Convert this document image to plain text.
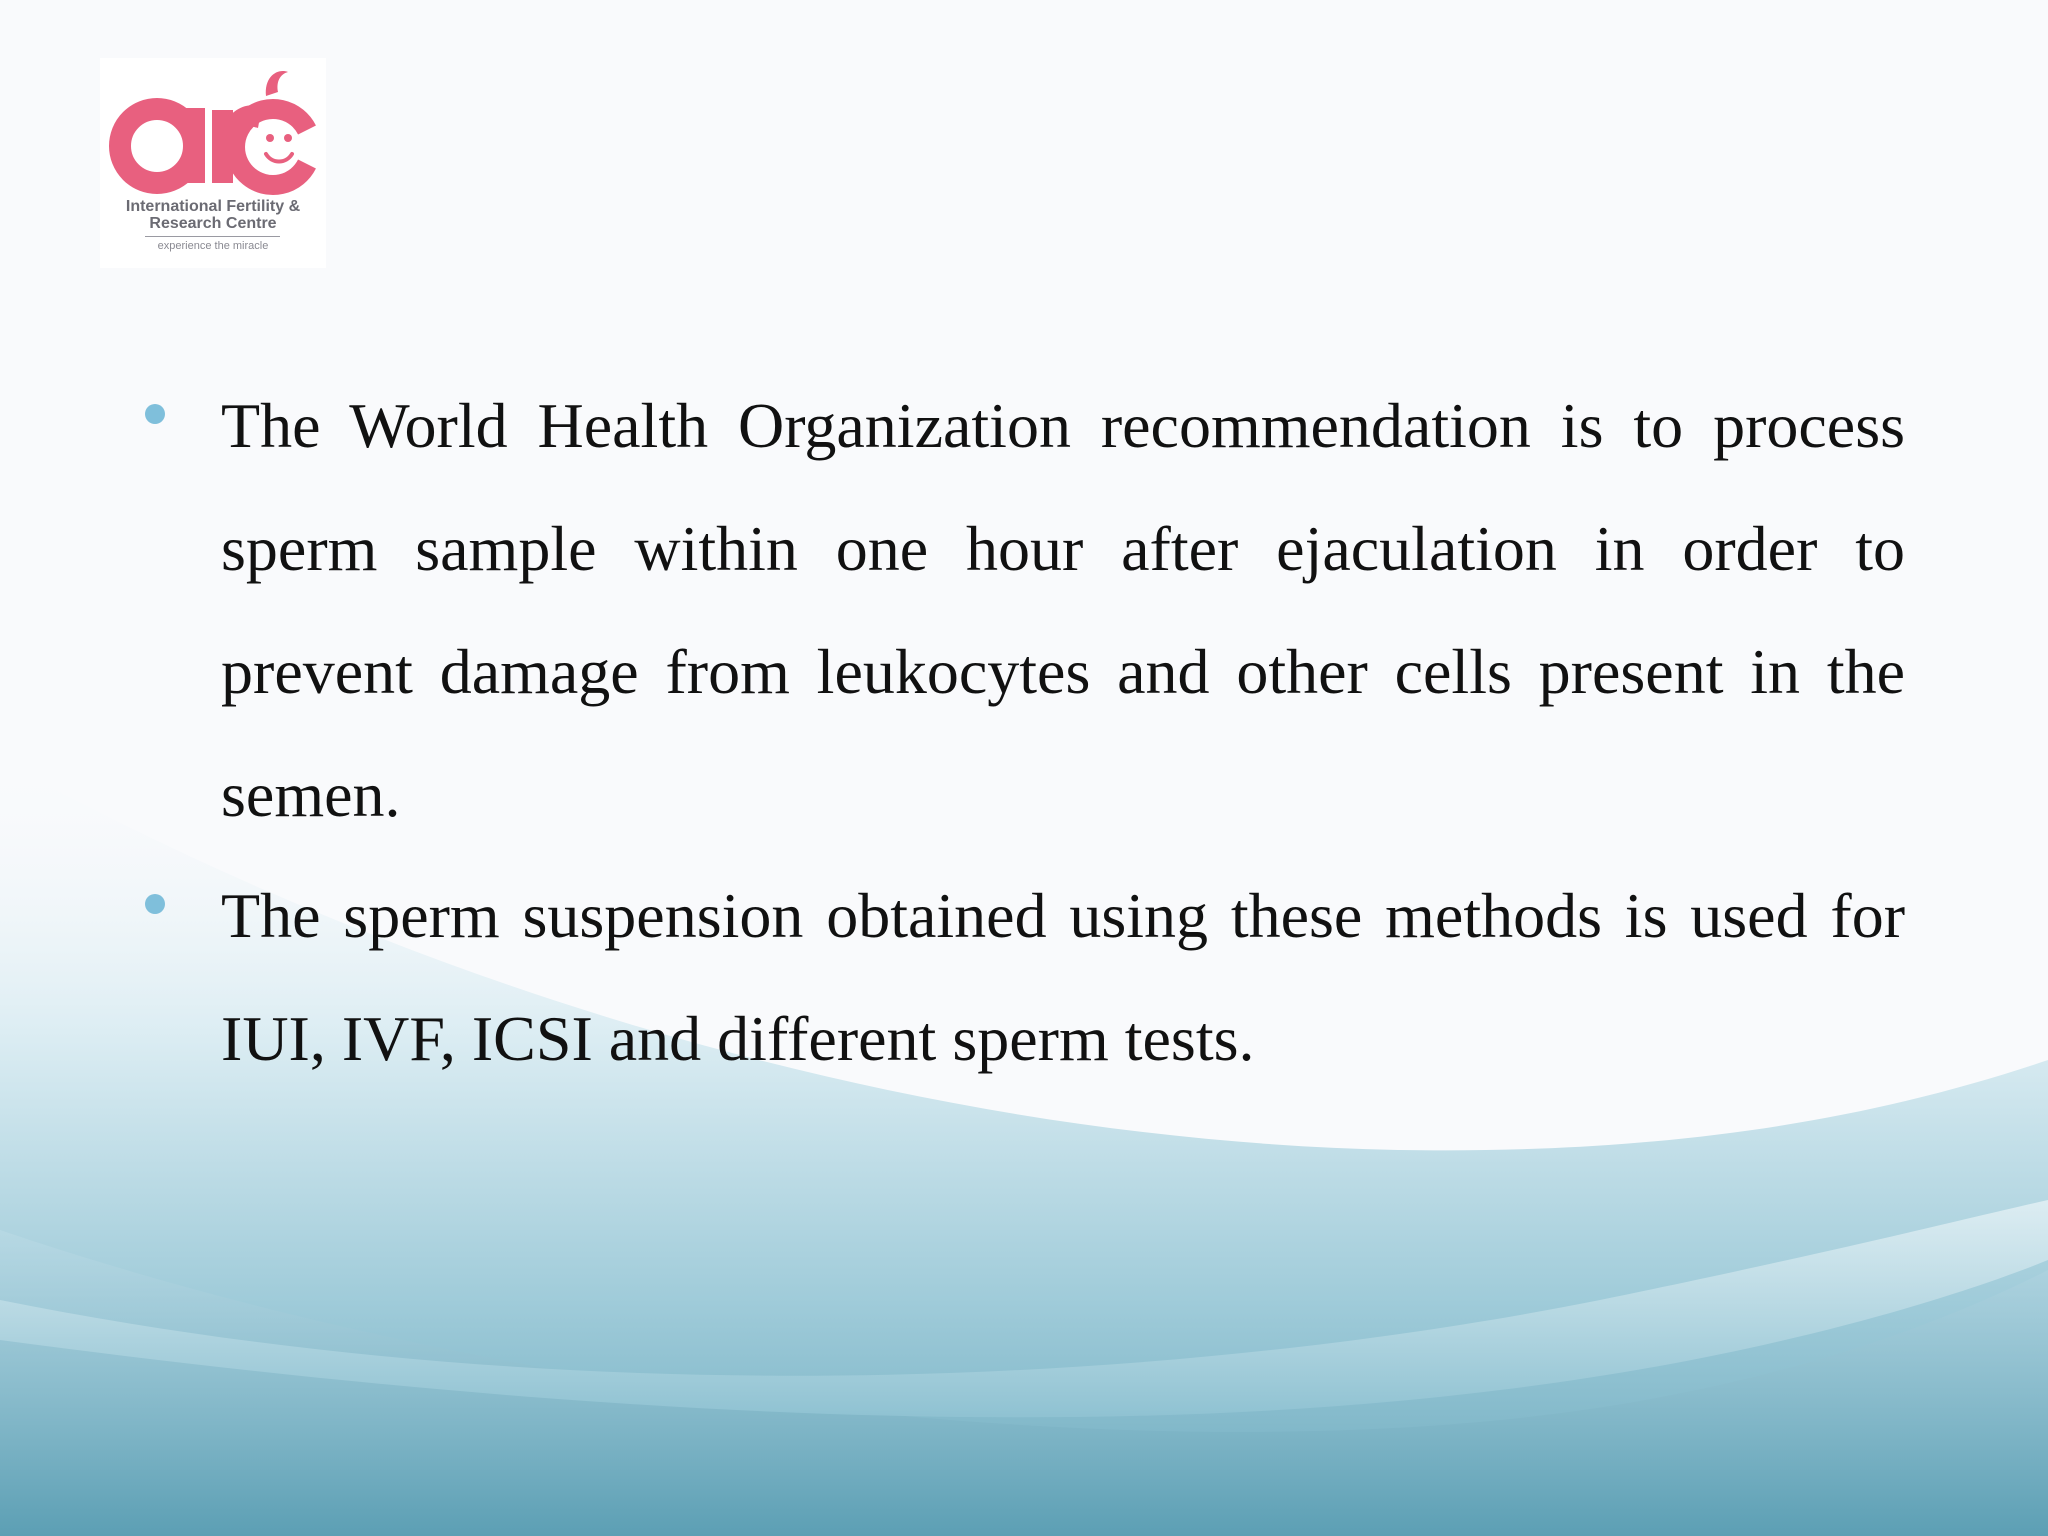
International Fertility &
Research Centre
experience the miracle

The World Health Organization recommendation is to process sperm sample within one hour after ejaculation in order to prevent damage from leukocytes and other cells present in the semen.

The sperm suspension obtained using these methods is used for IUI, IVF, ICSI and different sperm tests.
